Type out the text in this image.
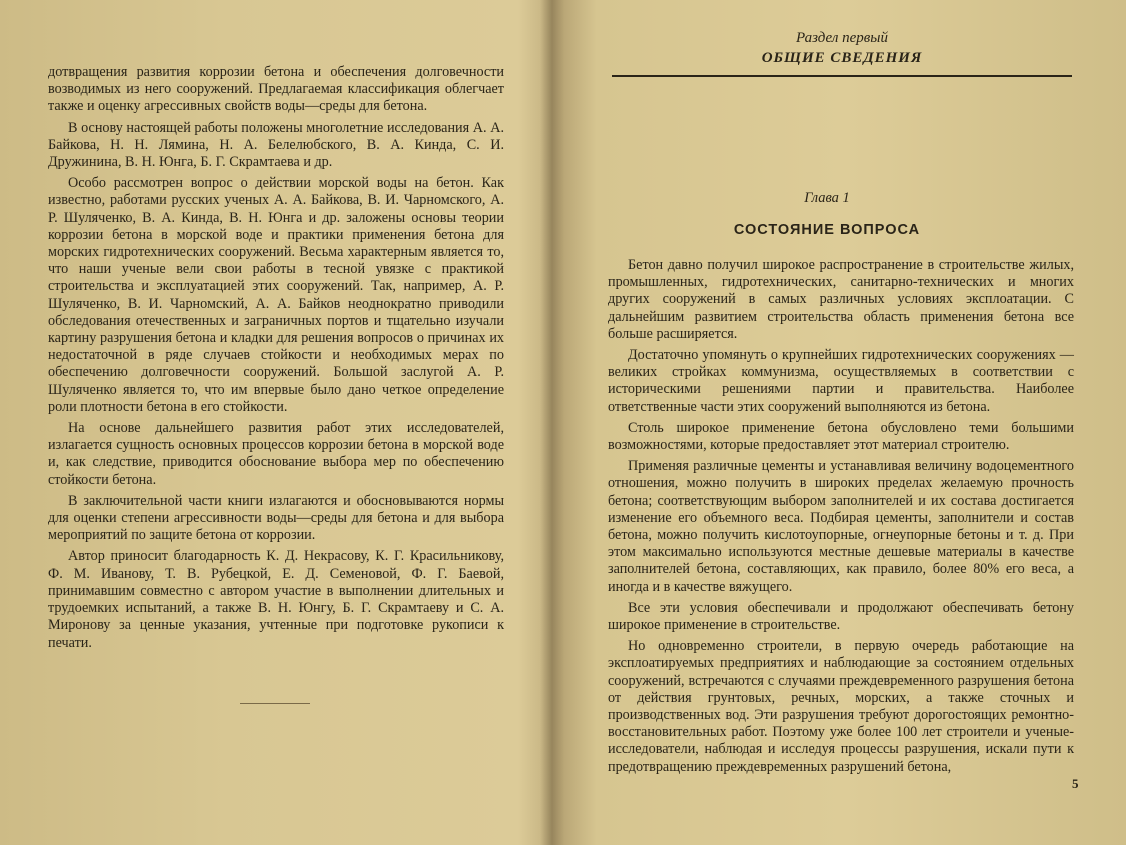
дотвращения развития коррозии бетона и обеспечения долговечности возводимых из него сооружений. Предлагаемая классификация облегчает также и оценку агрессивных свойств воды—среды для бетона.

В основу настоящей работы положены многолетние исследования А. А. Байкова, Н. Н. Лямина, Н. А. Белелюбского, В. А. Кинда, С. И. Дружинина, В. Н. Юнга, Б. Г. Скрамтаева и др.

Особо рассмотрен вопрос о действии морской воды на бетон. Как известно, работами русских ученых А. А. Байкова, В. И. Чарномского, А. Р. Шуляченко, В. А. Кинда, В. Н. Юнга и др. заложены основы теории коррозии бетона в морской воде и практики применения бетона для морских гидротехнических сооружений. Весьма характерным является то, что наши ученые вели свои работы в тесной увязке с практикой строительства и эксплуатацией этих сооружений. Так, например, А. Р. Шуляченко, В. И. Чарномский, А. А. Байков неоднократно приводили обследования отечественных и заграничных портов и тщательно изучали картину разрушения бетона и кладки для решения вопросов о причинах их недостаточной в ряде случаев стойкости и необходимых мерах по обеспечению долговечности сооружений. Большой заслугой А. Р. Шуляченко является то, что им впервые было дано четкое определение роли плотности бетона в его стойкости.

На основе дальнейшего развития работ этих исследователей, излагается сущность основных процессов коррозии бетона в морской воде и, как следствие, приводится обоснование выбора мер по обеспечению стойкости бетона.

В заключительной части книги излагаются и обосновываются нормы для оценки степени агрессивности воды—среды для бетона и для выбора мероприятий по защите бетона от коррозии.

Автор приносит благодарность К. Д. Некрасову, К. Г. Красильникову, Ф. М. Иванову, Т. В. Рубецкой, Е. Д. Семеновой, Ф. Г. Баевой, принимавшим совместно с автором участие в выполнении длительных и трудоемких испытаний, а также В. Н. Юнгу, Б. Г. Скрамтаеву и С. А. Миронову за ценные указания, учтенные при подготовке рукописи к печати.

Раздел первый
ОБЩИЕ СВЕДЕНИЯ
Глава 1
СОСТОЯНИЕ ВОПРОСА

Бетон давно получил широкое распространение в строительстве жилых, промышленных, гидротехнических, санитарно-технических и многих других сооружений в самых различных условиях эксплоатации. С дальнейшим развитием строительства область применения бетона все больше расширяется.

Достаточно упомянуть о крупнейших гидротехнических сооружениях — великих стройках коммунизма, осуществляемых в соответствии с историческими решениями партии и правительства. Наиболее ответственные части этих сооружений выполняются из бетона.

Столь широкое применение бетона обусловлено теми большими возможностями, которые предоставляет этот материал строителю.

Применяя различные цементы и устанавливая величину водоцементного отношения, можно получить в широких пределах желаемую прочность бетона; соответствующим выбором заполнителей и их состава достигается изменение его объемного веса. Подбирая цементы, заполнители и состав бетона, можно получить кислотоупорные, огнеупорные бетоны и т. д. При этом максимально используются местные дешевые материалы в качестве заполнителей бетона, составляющих, как правило, более 80% его веса, а иногда и в качестве вяжущего.

Все эти условия обеспечивали и продолжают обеспечивать бетону широкое применение в строительстве.

Но одновременно строители, в первую очередь работающие на эксплоатируемых предприятиях и наблюдающие за состоянием отдельных сооружений, встречаются с случаями преждевременного разрушения бетона от действия грунтовых, речных, морских, а также сточных и производственных вод. Эти разрушения требуют дорогостоящих ремонтно-восстановительных работ. Поэтому уже более 100 лет строители и ученые-исследователи, наблюдая и исследуя процессы разрушения, искали пути к предотвращению преждевременных разрушений бетона,

5
